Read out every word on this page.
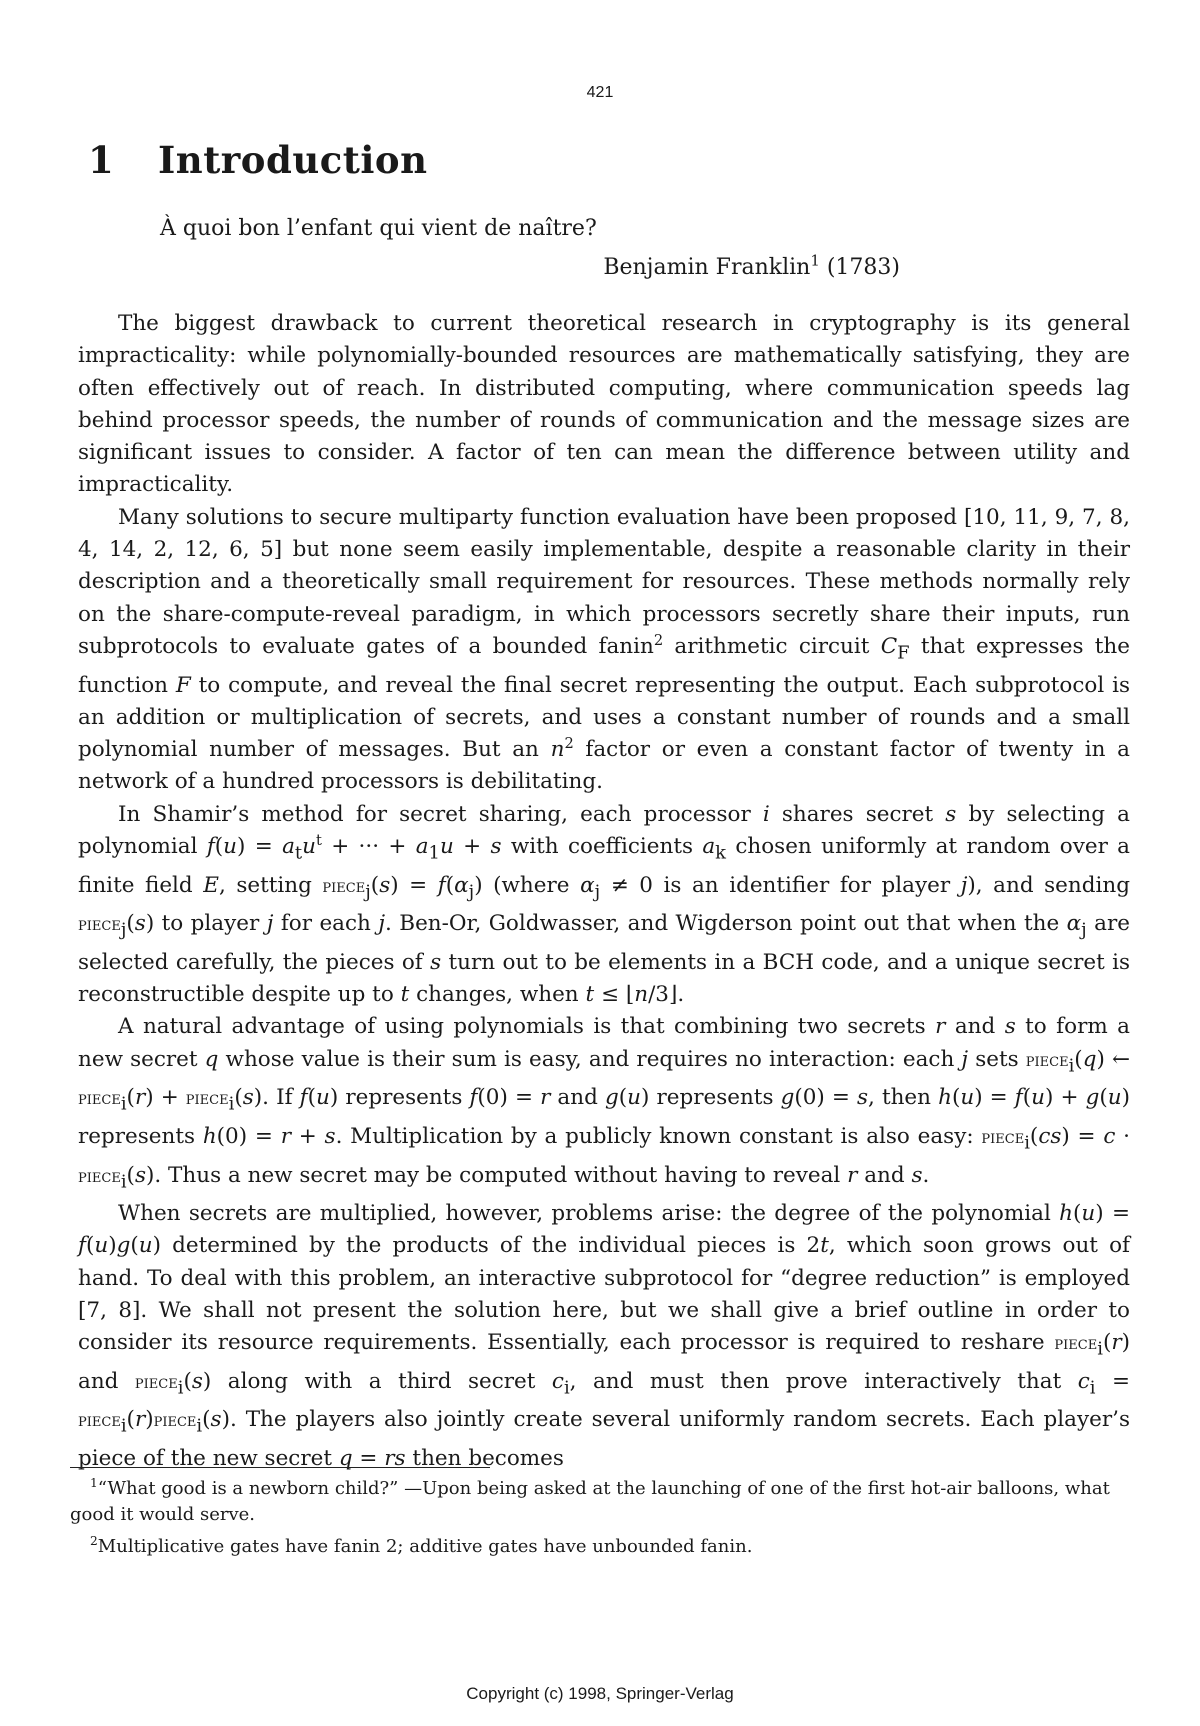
421
1 Introduction
À quoi bon l’enfant qui vient de naître?
Benjamin Franklin$^1$ (1783)

The biggest drawback to current theoretical research in cryptography is its general impracticality: while polynomially-bounded resources are mathematically satisfying, they are often effectively out of reach. In distributed computing, where communication speeds lag behind processor speeds, the number of rounds of communication and the message sizes are significant issues to consider. A factor of ten can mean the difference between utility and impracticality.

Many solutions to secure multiparty function evaluation have been proposed [10, 11, 9, 7, 8, 4, 14, 2, 12, 6, 5] but none seem easily implementable, despite a reasonable clarity in their description and a theoretically small requirement for resources. These methods normally rely on the share-compute-reveal paradigm, in which processors secretly share their inputs, run subprotocols to evaluate gates of a bounded fanin$^2$ arithmetic circuit $C_F$ that expresses the function F to compute, and reveal the final secret representing the output. Each subprotocol is an addition or multiplication of secrets, and uses a constant number of rounds and a small polynomial number of messages. But an $n^2$ factor or even a constant factor of twenty in a network of a hundred processors is debilitating.

In Shamir’s method for secret sharing, each processor i shares secret s by selecting a polynomial $f(u) = a_tu^t$ + ··· + $a_1u + s$ with coefficients $a_k$ chosen uniformly at random over a finite field E, setting piece$_j$(s) = $f(\alpha_j)$ (where $\alpha_j \ne 0$ is an identifier for player j), and sending piece$_j$(s) to player j for each j. Ben-Or, Goldwasser, and Wigderson point out that when the $\alpha_j$ are selected carefully, the pieces of s turn out to be elements in a BCH code, and a unique secret is reconstructible despite up to t changes, when t ≤ ⌊n/3⌋.

A natural advantage of using polynomials is that combining two secrets r and s to form a new secret q whose value is their sum is easy, and requires no interaction: each j sets piece$_i$(q) ← piece$_i$(r) + piece$_i$(s). If f(u) represents f(0) = r and g(u) represents g(0) = s, then h(u) = f(u) + g(u) represents h(0) = r + s. Multiplication by a publicly known constant is also easy: piece$_i$(cs) = c · piece$_i$(s). Thus a new secret may be computed without having to reveal r and s.

When secrets are multiplied, however, problems arise: the degree of the polynomial h(u) = f(u)g(u) determined by the products of the individual pieces is 2t, which soon grows out of hand. To deal with this problem, an interactive subprotocol for “degree reduction” is employed [7, 8]. We shall not present the solution here, but we shall give a brief outline in order to consider its resource requirements. Essentially, each processor is required to reshare piece$_i$(r) and piece$_i$(s) along with a third secret $c_i$, and must then prove interactively that $c_i$ = piece$_i$(r)piece$_i$(s). The players also jointly create several uniformly random secrets. Each player’s piece of the new secret q = rs then becomes

$^1$“What good is a newborn child?” —Upon being asked at the launching of one of the first hot-air balloons, what good it would serve.

$^2$Multiplicative gates have fanin 2; additive gates have unbounded fanin.

Copyright (c) 1998, Springer-Verlag
